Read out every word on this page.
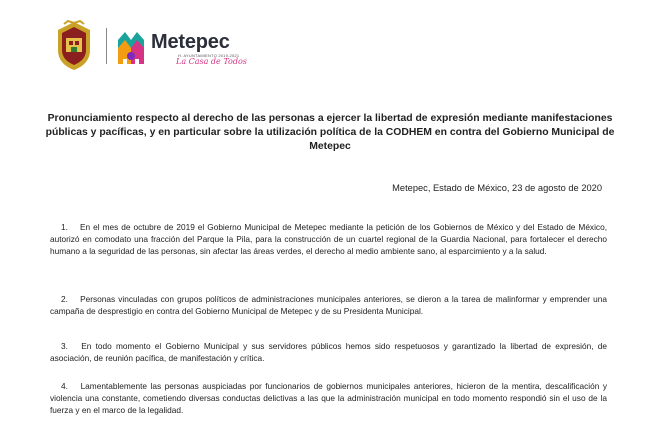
Metepec
H. AYUNTAMIENTO 2019-2021
La Casa de Todos
Pronunciamiento respecto al derecho de las personas a ejercer la libertad de expresión mediante manifestaciones públicas y pacíficas, y en particular sobre la utilización política de la CODHEM en contra del Gobierno Municipal de Metepec
Metepec, Estado de México, 23 de agosto de 2020
1. En el mes de octubre de 2019 el Gobierno Municipal de Metepec mediante la petición de los Gobiernos de México y del Estado de México, autorizó en comodato una fracción del Parque la Pila, para la construcción de un cuartel regional de la Guardia Nacional, para fortalecer el derecho humano a la seguridad de las personas, sin afectar las áreas verdes, el derecho al medio ambiente sano, al esparcimiento y a la salud.
2. Personas vinculadas con grupos políticos de administraciones municipales anteriores, se dieron a la tarea de malinformar y emprender una campaña de desprestigio en contra del Gobierno Municipal de Metepec y de su Presidenta Municipal.
3. En todo momento el Gobierno Municipal y sus servidores públicos hemos sido respetuosos y garantizado la libertad de expresión, de asociación, de reunión pacífica, de manifestación y crítica.
4. Lamentablemente las personas auspiciadas por funcionarios de gobiernos municipales anteriores, hicieron de la mentira, descalificación y violencia una constante, cometiendo diversas conductas delictivas a las que la administración municipal en todo momento respondió sin el uso de la fuerza y en el marco de la legalidad.
